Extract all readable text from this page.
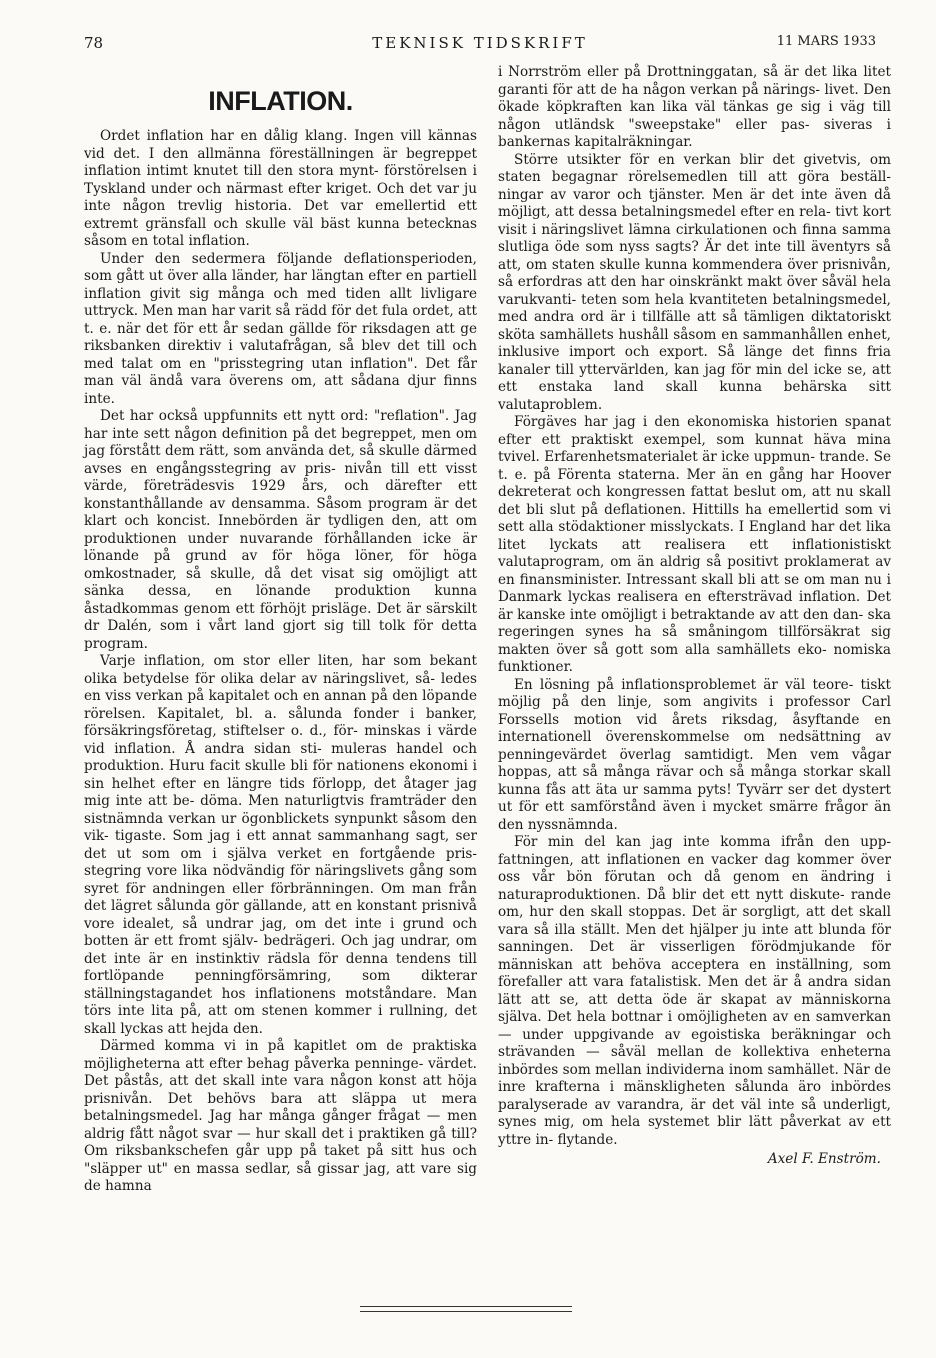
78	TEKNISK TIDSKRIFT	11 MARS 1933
INFLATION.

Ordet inflation har en dålig klang. Ingen vill kännas vid det. I den allmänna föreställningen är begreppet inflation intimt knutet till den stora mynt- förstörelsen i Tyskland under och närmast efter kriget. Och det var ju inte någon trevlig historia. Det var emellertid ett extremt gränsfall och skulle väl bäst kunna betecknas såsom en total inflation.

Under den sedermera följande deflationsperioden, som gått ut över alla länder, har längtan efter en partiell inflation givit sig många och med tiden allt livligare uttryck. Men man har varit så rädd för det fula ordet, att t. e. när det för ett år sedan gällde för riksdagen att ge riksbanken direktiv i valutafrågan, så blev det till och med talat om en "prisstegring utan inflation". Det får man väl ändå vara överens om, att sådana djur finns inte.

Det har också uppfunnits ett nytt ord: "reflation". Jag har inte sett någon definition på det begreppet, men om jag förstått dem rätt, som använda det, så skulle därmed avses en engångsstegring av pris- nivån till ett visst värde, företrädesvis 1929 års, och därefter ett konstanthållande av densamma. Såsom program är det klart och koncist. Innebörden är tydligen den, att om produktionen under nuvarande förhållanden icke är lönande på grund av för höga löner, för höga omkostnader, så skulle, då det visat sig omöjligt att sänka dessa, en lönande produktion kunna åstadkommas genom ett förhöjt prisläge. Det är särskilt dr Dalén, som i vårt land gjort sig till tolk för detta program.

Varje inflation, om stor eller liten, har som bekant olika betydelse för olika delar av näringslivet, så- ledes en viss verkan på kapitalet och en annan på den löpande rörelsen. Kapitalet, bl. a. sålunda fonder i banker, försäkringsföretag, stiftelser o. d., för- minskas i värde vid inflation. Å andra sidan sti- muleras handel och produktion. Huru facit skulle bli för nationens ekonomi i sin helhet efter en längre tids förlopp, det åtager jag mig inte att be- döma. Men naturligtvis framträder den sistnämnda verkan ur ögonblickets synpunkt såsom den vik- tigaste. Som jag i ett annat sammanhang sagt, ser det ut som om i själva verket en fortgående pris- stegring vore lika nödvändig för näringslivets gång som syret för andningen eller förbränningen. Om man från det lägret sålunda gör gällande, att en konstant prisnivå vore idealet, så undrar jag, om det inte i grund och botten är ett fromt själv- bedrägeri. Och jag undrar, om det inte är en instinktiv rädsla för denna tendens till fortlöpande penningförsämring, som dikterar ställningstagandet hos inflationens motståndare. Man törs inte lita på, att om stenen kommer i rullning, det skall lyckas att hejda den.

Därmed komma vi in på kapitlet om de praktiska möjligheterna att efter behag påverka penninge- värdet. Det påstås, att det skall inte vara någon konst att höja prisnivån. Det behövs bara att släppa ut mera betalningsmedel. Jag har många gånger frågat — men aldrig fått något svar — hur skall det i praktiken gå till? Om riksbankschefen går upp på taket på sitt hus och "släpper ut" en massa sedlar, så gissar jag, att vare sig de hamna

i Norrström eller på Drottninggatan, så är det lika litet garanti för att de ha någon verkan på närings- livet. Den ökade köpkraften kan lika väl tänkas ge sig i väg till någon utländsk "sweepstake" eller pas- siveras i bankernas kapitalräkningar.

Större utsikter för en verkan blir det givetvis, om staten begagnar rörelsemedlen till att göra beställ- ningar av varor och tjänster. Men är det inte även då möjligt, att dessa betalningsmedel efter en rela- tivt kort visit i näringslivet lämna cirkulationen och finna samma slutliga öde som nyss sagts? Är det inte till äventyrs så att, om staten skulle kunna kommendera över prisnivån, så erfordras att den har oinskränkt makt över såväl hela varukvanti- teten som hela kvantiteten betalningsmedel, med andra ord är i tillfälle att så tämligen diktatoriskt sköta samhällets hushåll såsom en sammanhållen enhet, inklusive import och export. Så länge det finns fria kanaler till yttervärlden, kan jag för min del icke se, att ett enstaka land skall kunna behärska sitt valutaproblem.

Förgäves har jag i den ekonomiska historien spanat efter ett praktiskt exempel, som kunnat häva mina tvivel. Erfarenhetsmaterialet är icke uppmun- trande. Se t. e. på Förenta staterna. Mer än en gång har Hoover dekreterat och kongressen fattat beslut om, att nu skall det bli slut på deflationen. Hittills ha emellertid som vi sett alla stödaktioner misslyckats. I England har det lika litet lyckats att realisera ett inflationistiskt valutaprogram, om än aldrig så positivt proklamerat av en finansminister. Intressant skall bli att se om man nu i Danmark lyckas realisera en eftersträvad inflation. Det är kanske inte omöjligt i betraktande av att den dan- ska regeringen synes ha så småningom tillförsäkrat sig makten över så gott som alla samhällets eko- nomiska funktioner.

En lösning på inflationsproblemet är väl teore- tiskt möjlig på den linje, som angivits i professor Carl Forssells motion vid årets riksdag, åsyftande en internationell överenskommelse om nedsättning av penningevärdet överlag samtidigt. Men vem vågar hoppas, att så många rävar och så många storkar skall kunna fås att äta ur samma pyts! Tyvärr ser det dystert ut för ett samförstånd även i mycket smärre frågor än den nyssnämnda.

För min del kan jag inte komma ifrån den upp- fattningen, att inflationen en vacker dag kommer över oss vår bön förutan och då genom en ändring i naturaproduktionen. Då blir det ett nytt diskute- rande om, hur den skall stoppas. Det är sorgligt, att det skall vara så illa ställt. Men det hjälper ju inte att blunda för sanningen. Det är visserligen förödmjukande för människan att behöva acceptera en inställning, som förefaller att vara fatalistisk. Men det är å andra sidan lätt att se, att detta öde är skapat av människorna själva. Det hela bottnar i omöjligheten av en samverkan — under uppgivande av egoistiska beräkningar och strävanden — såväl mellan de kollektiva enheterna inbördes som mellan individerna inom samhället. När de inre krafterna i mänskligheten sålunda äro inbördes paralyserade av varandra, är det väl inte så underligt, synes mig, om hela systemet blir lätt påverkat av ett yttre in- flytande.

Axel F. Enström.
